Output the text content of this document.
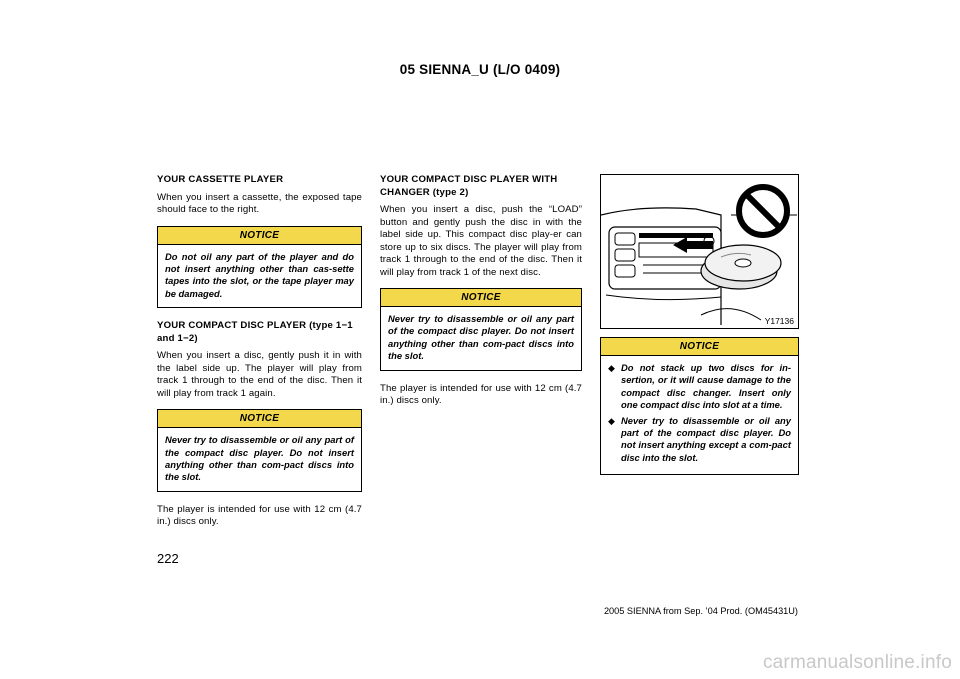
05 SIENNA_U (L/O 0409)
YOUR CASSETTE PLAYER
When you insert a cassette, the exposed tape should face to the right.
NOTICE
Do not oil any part of the player and do not insert anything other than cas-sette tapes into the slot, or the tape player may be damaged.
YOUR COMPACT DISC PLAYER (type 1−1 and 1−2)
When you insert a disc, gently push it in with the label side up. The player will play from track 1 through to the end of the disc. Then it will play from track 1 again.
NOTICE
Never try to disassemble or oil any part of the compact disc player. Do not insert anything other than com-pact discs into the slot.
The player is intended for use with 12 cm (4.7 in.) discs only.
YOUR COMPACT DISC PLAYER WITH CHANGER (type 2)
When you insert a disc, push the “LOAD” button and gently push the disc in with the label side up. This compact disc play-er can store up to six discs. The player will play from track 1 through to the end of the disc. Then it will play from track 1 of the next disc.
NOTICE
Never try to disassemble or oil any part of the compact disc player. Do not insert anything other than com-pact discs into the slot.
The player is intended for use with 12 cm (4.7 in.) discs only.
Y17136
NOTICE
◆ Do not stack up two discs for in-sertion, or it will cause damage to the compact disc changer. Insert only one compact disc into slot at a time.
◆ Never try to disassemble or oil any part of the compact disc player. Do not insert anything except a com-pact disc into the slot.
222
2005 SIENNA from Sep. ’04 Prod. (OM45431U)
carmanualsonline.info
